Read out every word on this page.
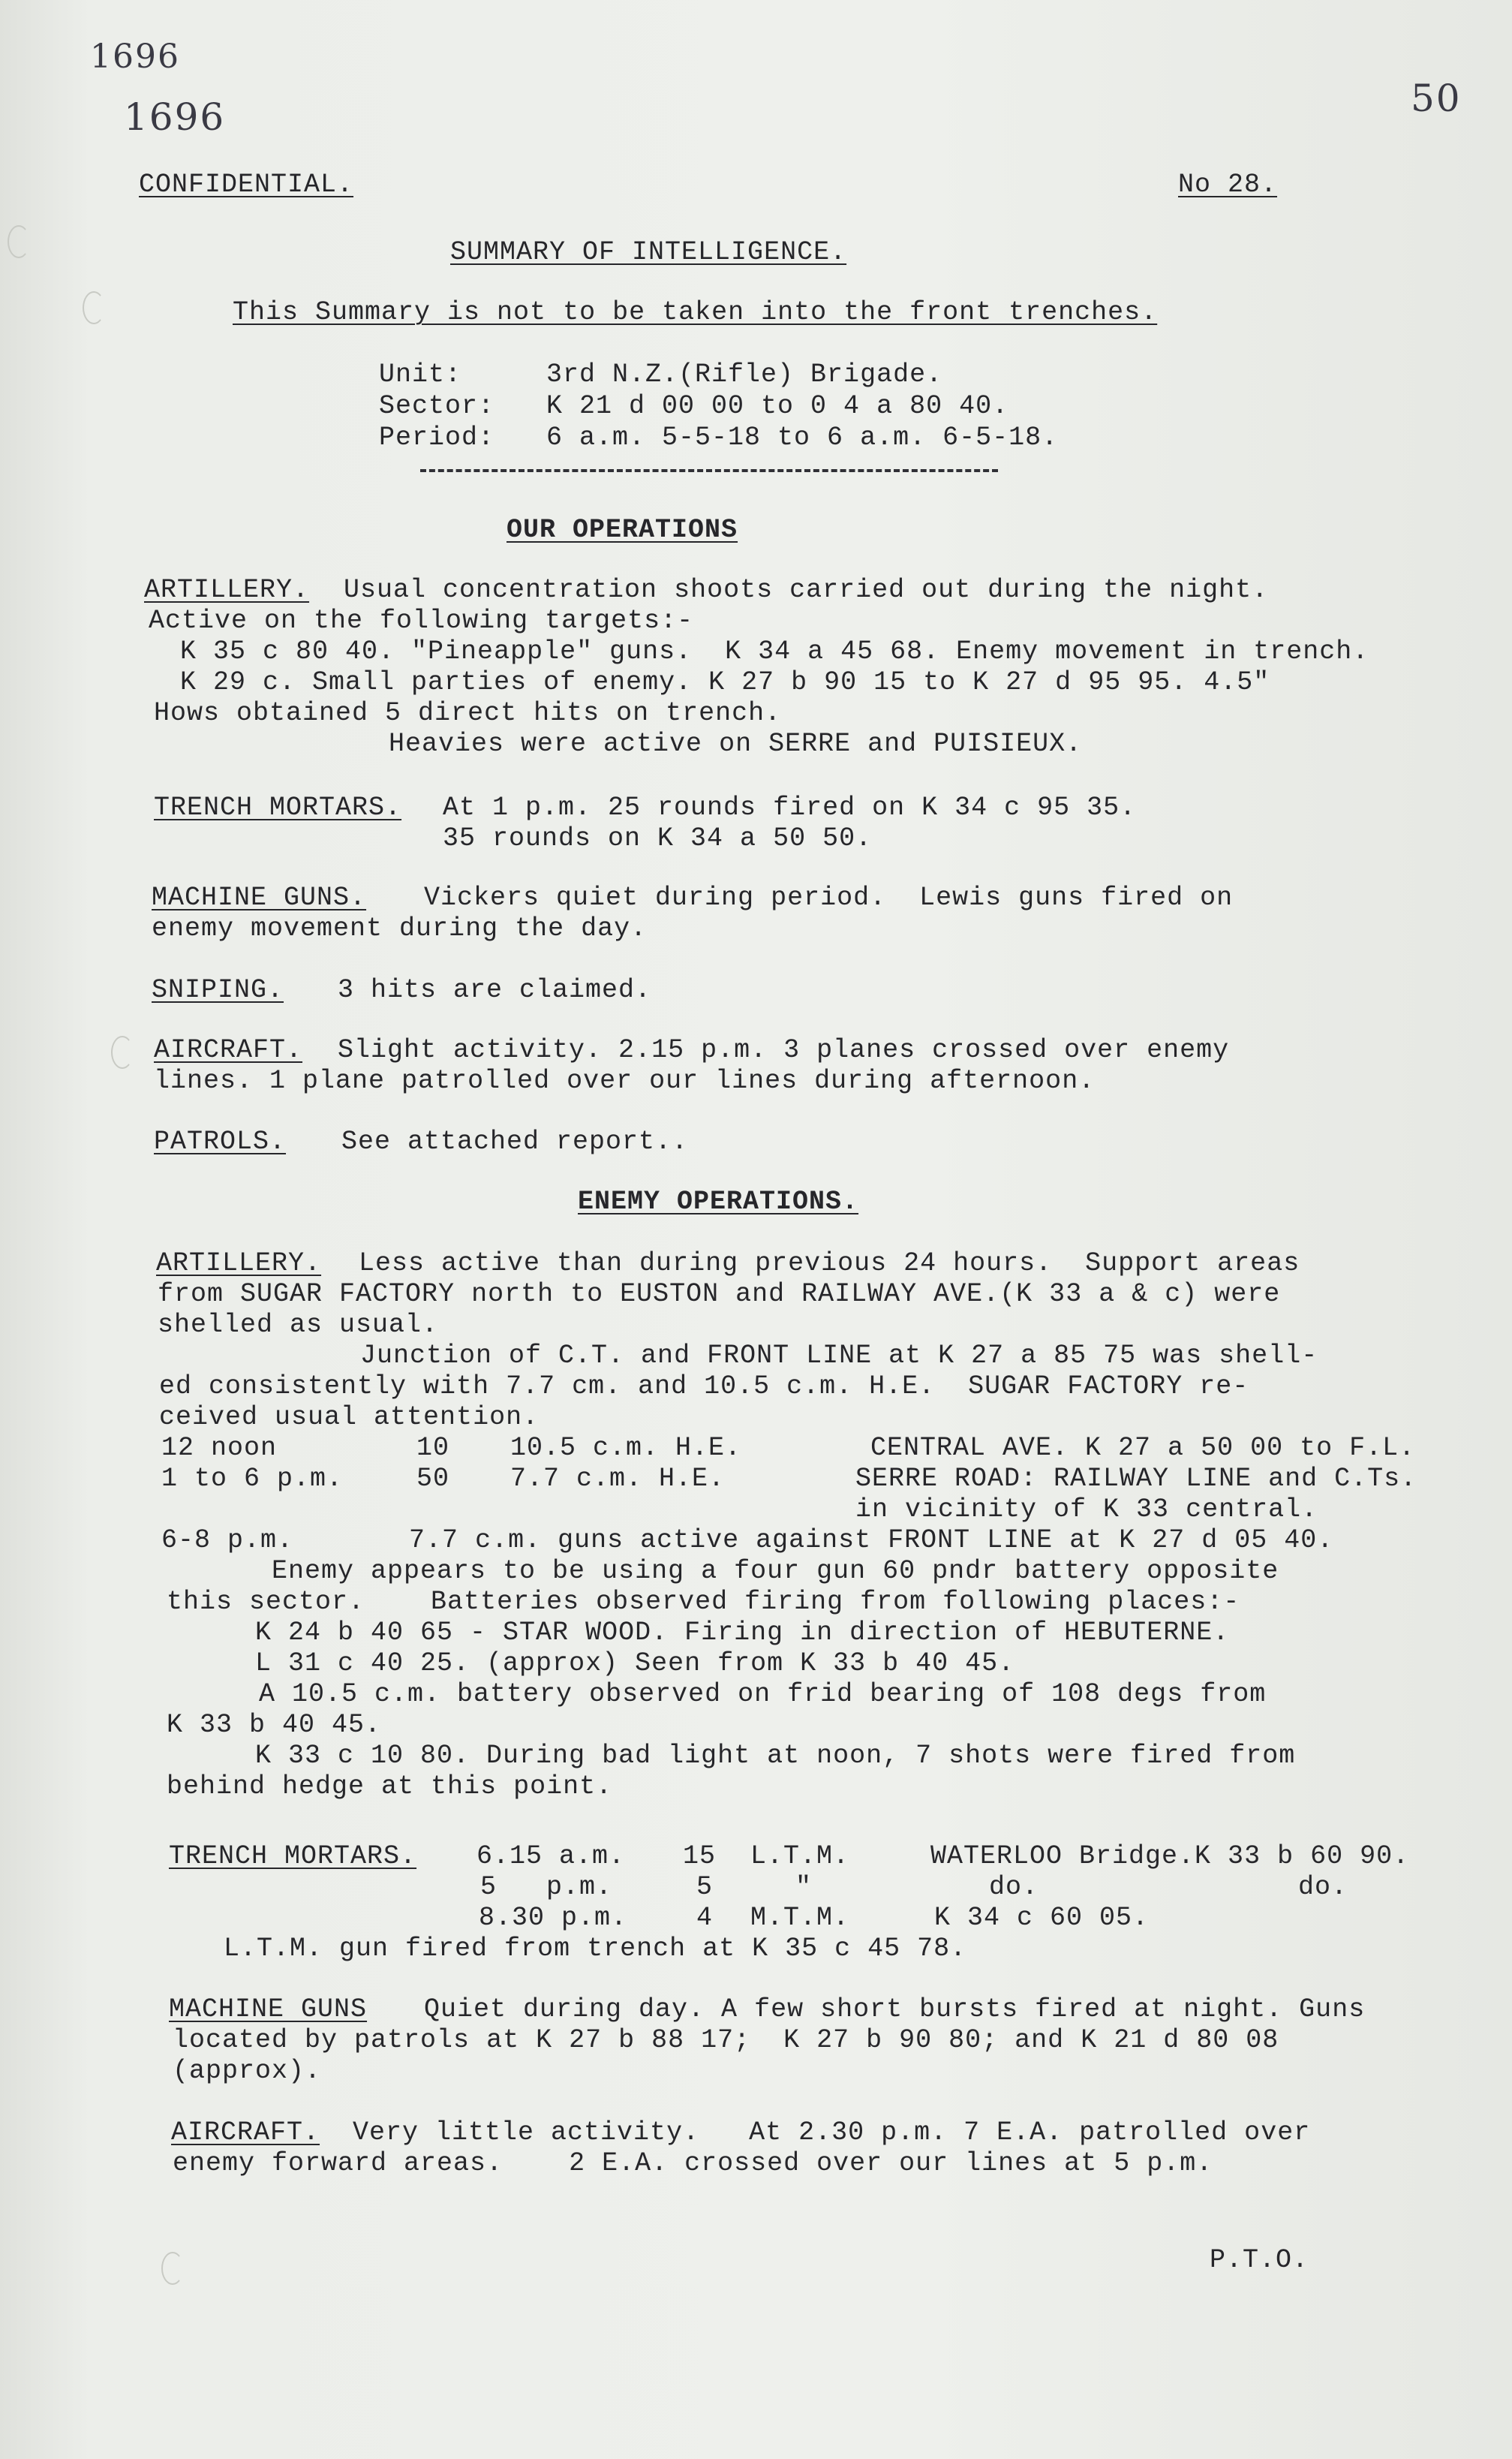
1696
1696	50
CONFIDENTIAL.	No 28.
SUMMARY OF INTELLIGENCE.
This Summary is not to be taken into the front trenches.
Unit:	3rd N.Z.(Rifle) Brigade.
Sector: K 21 d 00 00 to 0 4 a 80 40.
Period: 6 a.m. 5-5-18 to 6 a.m. 6-5-18.
OUR OPERATIONS
ARTILLERY. Usual concentration shoots carried out during the night.
Active on the following targets:-
K 35 c 80 40. "Pineapple" guns.  K 34 a 45 68. Enemy movement in trench.
K 29 c. Small parties of enemy. K 27 b 90 15 to K 27 d 95 95. 4.5"
Hows obtained 5 direct hits on trench.
Heavies were active on SERRE and PUISIEUX.
TRENCH MORTARS. At 1 p.m. 25 rounds fired on K 34 c 95 35.
35 rounds on K 34 a 50 50.
MACHINE GUNS. Vickers quiet during period.  Lewis guns fired on
enemy movement during the day.
SNIPING. 3 hits are claimed.
AIRCRAFT. Slight activity. 2.15 p.m. 3 planes crossed over enemy
lines. 1 plane patrolled over our lines during afternoon.
PATROLS. See attached report..
ENEMY OPERATIONS.
ARTILLERY. Less active than during previous 24 hours.  Support areas
from SUGAR FACTORY north to EUSTON and RAILWAY AVE.(K 33 a & c) were
shelled as usual.
Junction of C.T. and FRONT LINE at K 27 a 85 75 was shell-
ed consistently with 7.7 cm. and 10.5 c.m. H.E.  SUGAR FACTORY re-
ceived usual attention.
12 noon	10 10.5 c.m. H.E.	CENTRAL AVE. K 27 a 50 00 to F.L.
1 to 6 p.m.	50 7.7 c.m. H.E.	SERRE ROAD: RAILWAY LINE and C.Ts.
in vicinity of K 33 central.
6-8 p.m.       7.7 c.m. guns active against FRONT LINE at K 27 d 05 40.
Enemy appears to be using a four gun 60 pndr battery opposite
this sector.    Batteries observed firing from following places:-
K 24 b 40 65 - STAR WOOD. Firing in direction of HEBUTERNE.
L 31 c 40 25. (approx) Seen from K 33 b 40 45.
A 10.5 c.m. battery observed on frid bearing of 108 degs from
K 33 b 40 45.
K 33 c 10 80. During bad light at noon, 7 shots were fired from
behind hedge at this point.
TRENCH MORTARS. 6.15 a.m. 15 L.T.M.	WATERLOO Bridge.K 33 b 60 90.
5   p.m.	5	"	do.	do.
8.30 p.m.	4 M.T.M.	K 34 c 60 05.
L.T.M. gun fired from trench at K 35 c 45 78.
MACHINE GUNS Quiet during day. A few short bursts fired at night. Guns
located by patrols at K 27 b 88 17;  K 27 b 90 80; and K 21 d 80 08
(approx).
AIRCRAFT. Very little activity.   At 2.30 p.m. 7 E.A. patrolled over
enemy forward areas.    2 E.A. crossed over our lines at 5 p.m.
P.T.O.
